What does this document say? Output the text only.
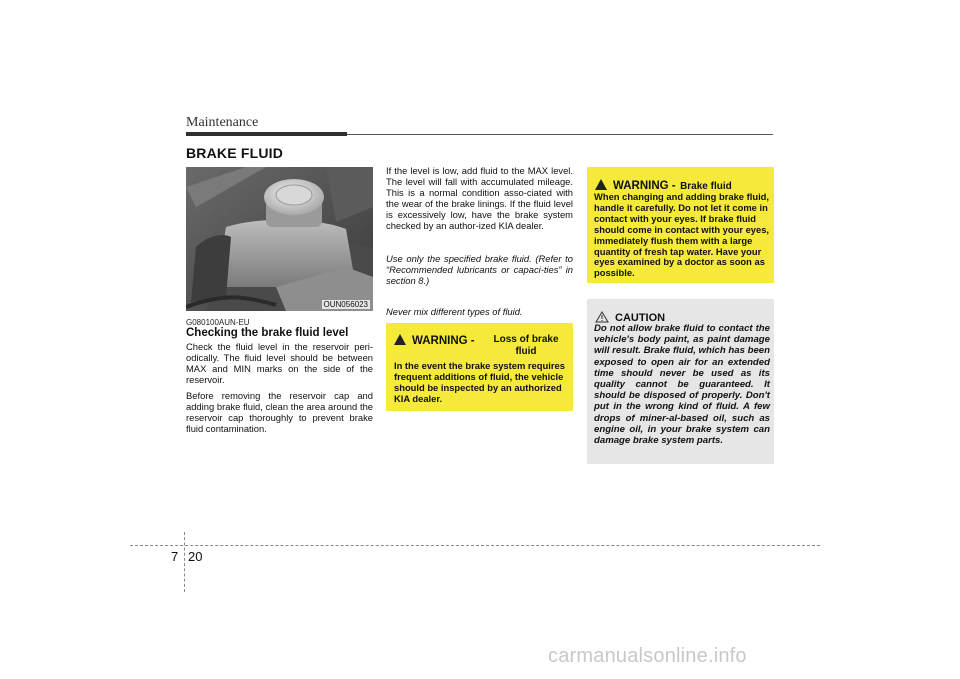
Maintenance
BRAKE FLUID
OUN056023
G080100AUN-EU
Checking the brake fluid level
Check the fluid level in the reservoir peri-odically. The fluid level should be between MAX and MIN marks on the side of the reservoir.
Before removing the reservoir cap and adding brake fluid, clean the area around the reservoir cap thoroughly to prevent brake fluid contamination.
If the level is low, add fluid to the MAX level. The level will fall with accumulated mileage. This is a normal condition asso-ciated with the wear of the brake linings. If the fluid level is excessively low, have the brake system checked by an author-ized KIA dealer.
Use only the specified brake fluid. (Refer to “Recommended lubricants or capaci-ties” in section 8.)
Never mix different types of fluid.
WARNING -	Loss of brake fluid
In the event the brake system requires frequent additions of fluid, the vehicle should be inspected by an authorized KIA dealer.
WARNING - Brake fluid
When changing and adding brake fluid, handle it carefully. Do not let it come in contact with your eyes. If brake fluid should come in contact with your eyes, immediately flush them with a large quantity of fresh tap water. Have your eyes examined by a doctor as soon as possible.
CAUTION
Do not allow brake fluid to contact the vehicle's body paint, as paint damage will result. Brake fluid, which has been exposed to open air for an extended time should never be used as its quality cannot be guaranteed. It should be disposed of properly. Don't put in the wrong kind of fluid. A few drops of miner-al-based oil, such as engine oil, in your brake system can damage brake system parts.
7 20
carmanualsonline.info
